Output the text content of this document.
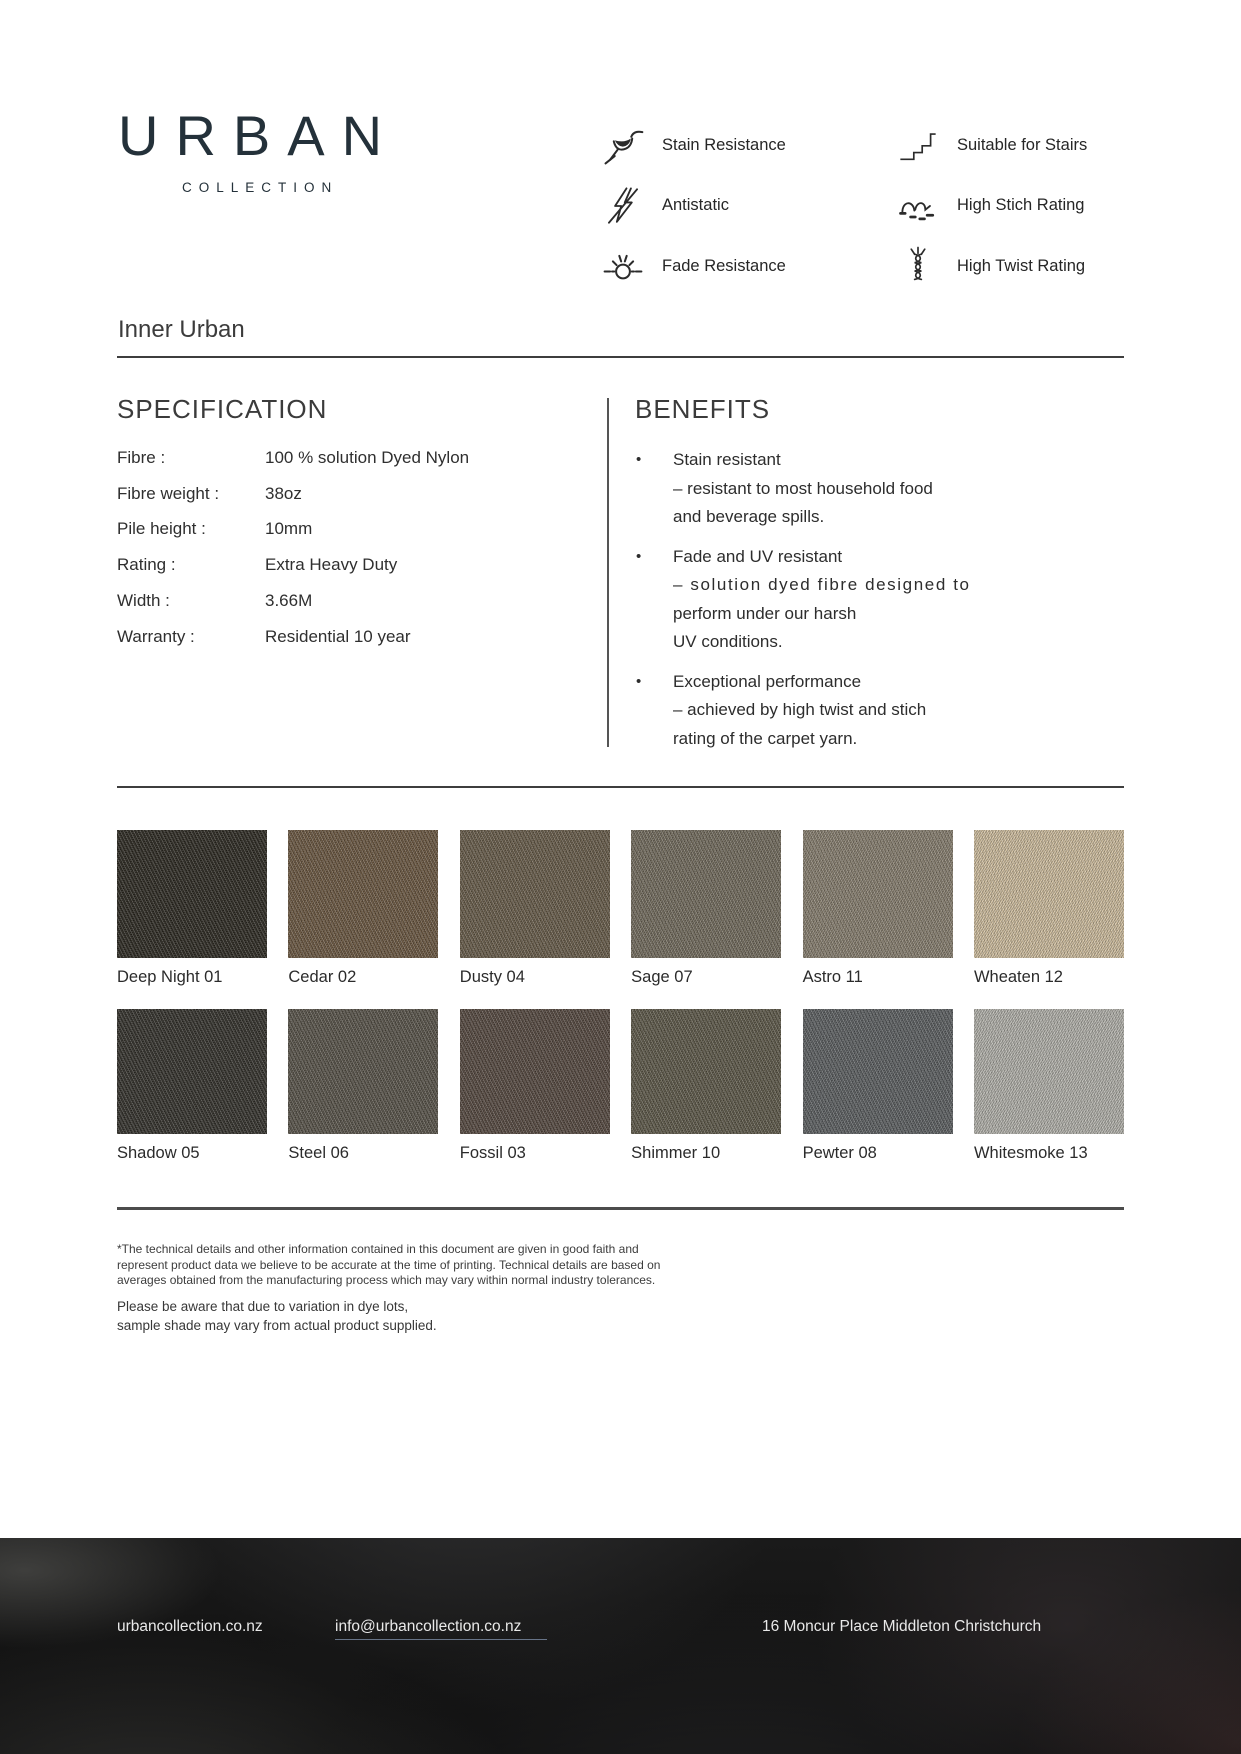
URBAN
COLLECTION
Stain Resistance
Antistatic
Fade Resistance
Suitable for Stairs
High Stich Rating
High Twist Rating
Inner Urban
SPECIFICATION
Fibre :	100 % solution Dyed Nylon
Fibre weight :	38oz
Pile height :	10mm
Rating :	Extra Heavy Duty
Width :	3.66M
Warranty :	Residential 10 year
BENEFITS
•	Stain resistant
– resistant to most household food
and beverage spills.
•	Fade and UV resistant
– solution dyed fibre designed to
perform under our harsh
UV conditions.
•	Exceptional performance
– achieved by high twist and stich
rating of the carpet yarn.
Deep Night 01	Cedar 02	Dusty 04	Sage 07	Astro 11	Wheaten 12
Shadow 05	Steel 06	Fossil 03	Shimmer 10	Pewter 08	Whitesmoke 13
*The technical details and other information contained in this document are given in good faith and
represent product data we believe to be accurate at the time of printing. Technical details are based on
averages obtained from the manufacturing process which may vary within normal industry tolerances.
Please be aware that due to variation in dye lots,
sample shade may vary from actual product supplied.
urbancollection.co.nz	info@urbancollection.co.nz	16 Moncur Place Middleton Christchurch
